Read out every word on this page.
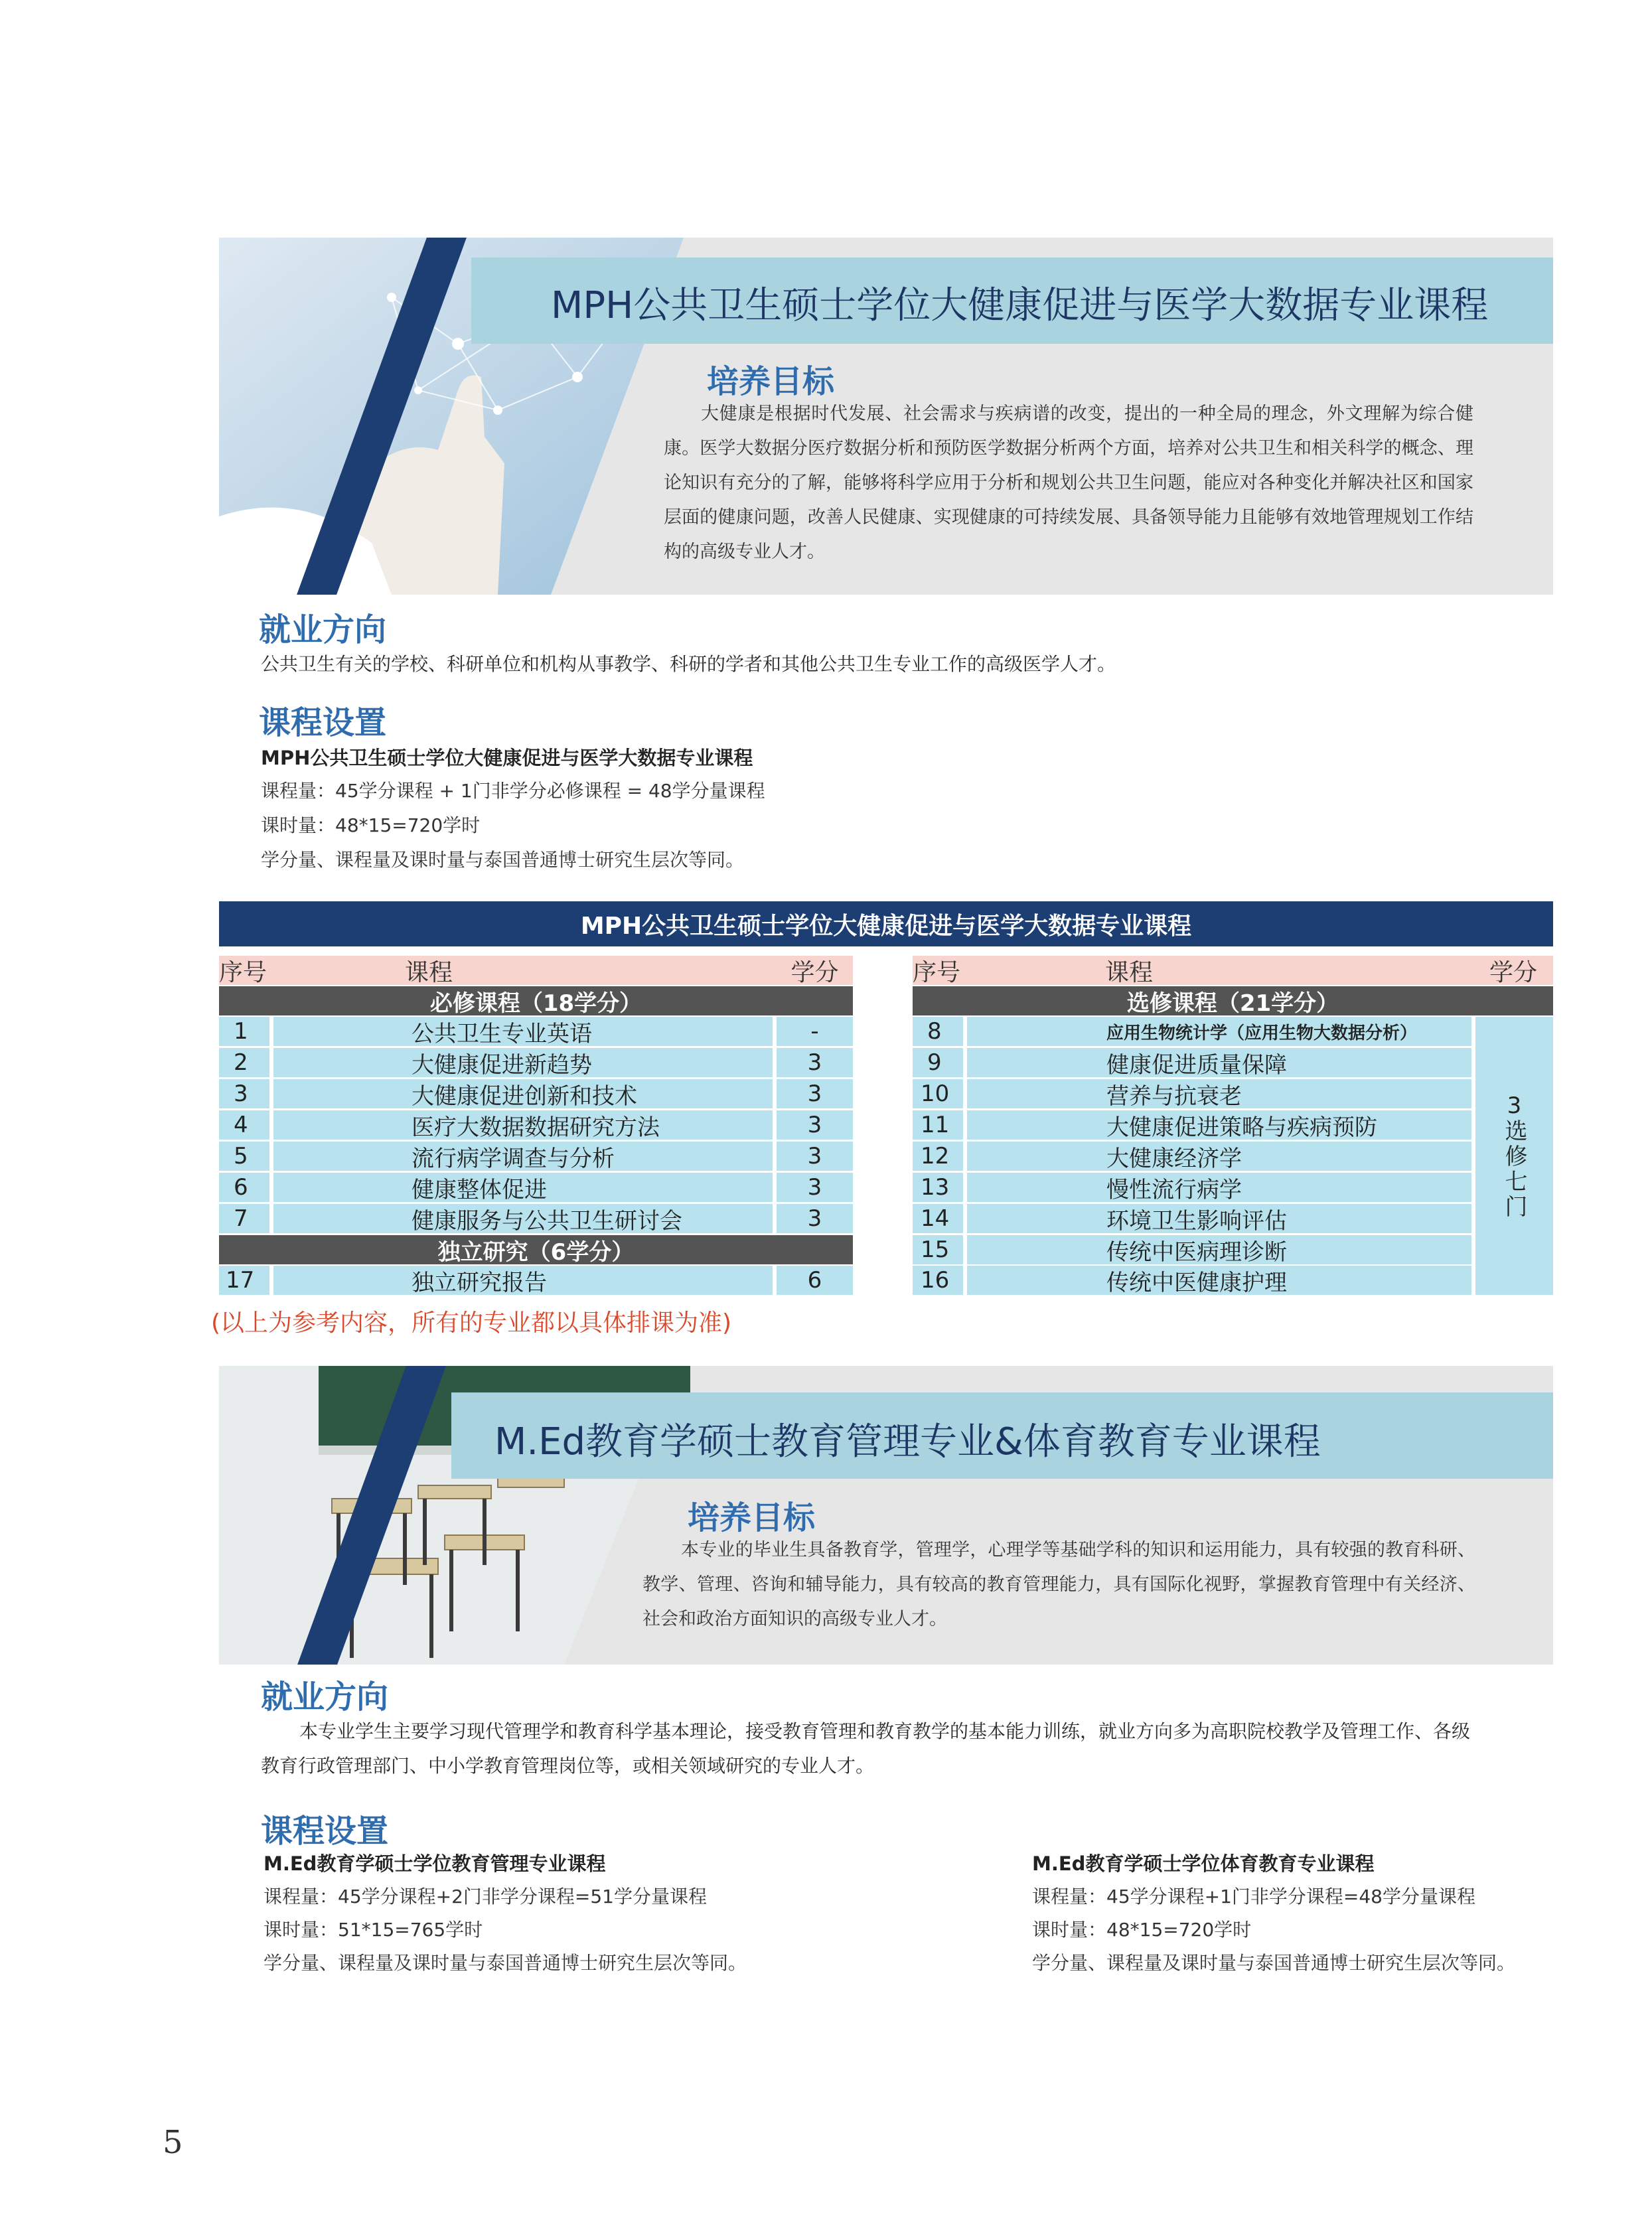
MPH公共卫生硕士学位大健康促进与医学大数据专业课程
培养目标
大健康是根据时代发展、社会需求与疾病谱的改变，提出的一种全局的理念，外文理解为综合健康。医学大数据分医疗数据分析和预防医学数据分析两个方面，培养对公共卫生和相关科学的概念、理论知识有充分的了解，能够将科学应用于分析和规划公共卫生问题，能应对各种变化并解决社区和国家层面的健康问题，改善人民健康、实现健康的可持续发展、具备领导能力且能够有效地管理规划工作结构的高级专业人才。
就业方向
公共卫生有关的学校、科研单位和机构从事教学、科研的学者和其他公共卫生专业工作的高级医学人才。
课程设置
MPH公共卫生硕士学位大健康促进与医学大数据专业课程
课程量：45学分课程 + 1门非学分必修课程 = 48学分量课程
课时量：48*15=720学时
学分量、课程量及课时量与泰国普通博士研究生层次等同。
MPH公共卫生硕士学位大健康促进与医学大数据专业课程
序号	课程	学分
必修课程（18学分）
1	公共卫生专业英语	-
2	大健康促进新趋势	3
3	大健康促进创新和技术	3
4	医疗大数据数据研究方法	3
5	流行病学调查与分析	3
6	健康整体促进	3
7	健康服务与公共卫生研讨会	3
独立研究（6学分）
17	独立研究报告	6
序号	课程	学分
选修课程（21学分）
8	应用生物统计学（应用生物大数据分析）
9	健康促进质量保障
10	营养与抗衰老
11	大健康促进策略与疾病预防
12	大健康经济学
13	慢性流行病学
14	环境卫生影响评估
15	传统中医病理诊断
16	传统中医健康护理
3
选修七门
(以上为参考内容，所有的专业都以具体排课为准)
M.Ed教育学硕士教育管理专业&体育教育专业课程
培养目标
本专业的毕业生具备教育学，管理学，心理学等基础学科的知识和运用能力，具有较强的教育科研、教学、管理、咨询和辅导能力，具有较高的教育管理能力，具有国际化视野，掌握教育管理中有关经济、社会和政治方面知识的高级专业人才。
就业方向
本专业学生主要学习现代管理学和教育科学基本理论，接受教育管理和教育教学的基本能力训练，就业方向多为高职院校教学及管理工作、各级教育行政管理部门、中小学教育管理岗位等，或相关领域研究的专业人才。
课程设置
M.Ed教育学硕士学位教育管理专业课程
课程量：45学分课程+2门非学分课程=51学分量课程
课时量：51*15=765学时
学分量、课程量及课时量与泰国普通博士研究生层次等同。
M.Ed教育学硕士学位体育教育专业课程
课程量：45学分课程+1门非学分课程=48学分量课程
课时量：48*15=720学时
学分量、课程量及课时量与泰国普通博士研究生层次等同。
5
